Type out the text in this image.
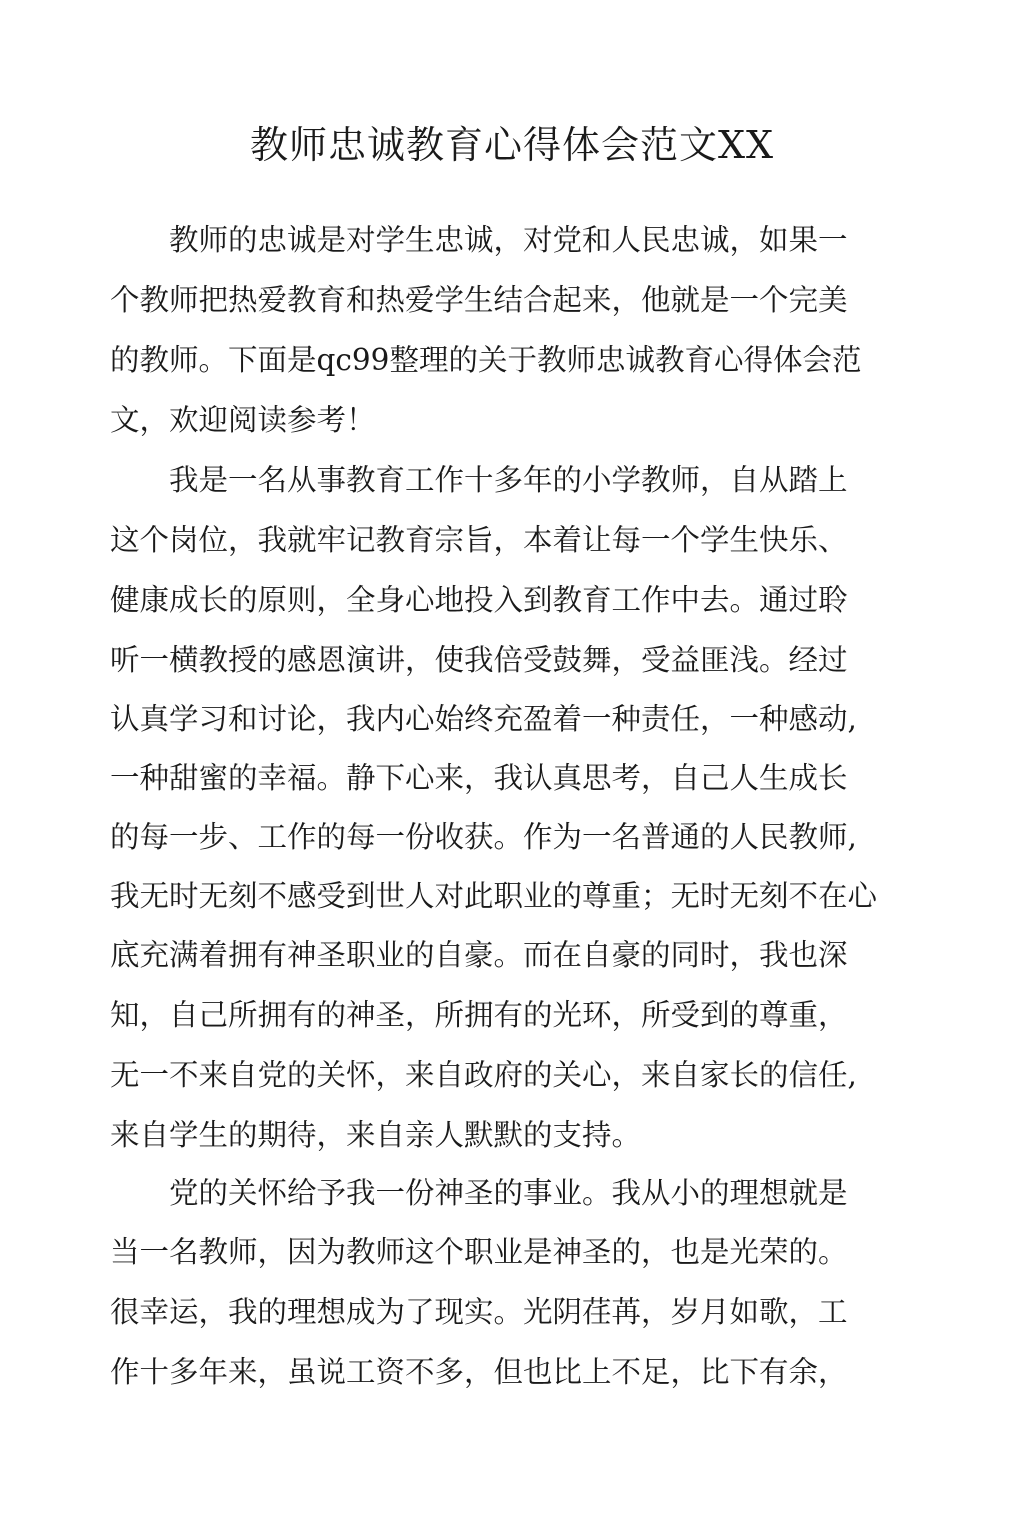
教师忠诚教育心得体会范文XX
　　教师的忠诚是对学生忠诚，对党和人民忠诚，如果一
个教师把热爱教育和热爱学生结合起来，他就是一个完美
的教师。下面是qc99整理的关于教师忠诚教育心得体会范
文，欢迎阅读参考！
　　我是一名从事教育工作十多年的小学教师，自从踏上
这个岗位，我就牢记教育宗旨，本着让每一个学生快乐、
健康成长的原则，全身心地投入到教育工作中去。通过聆
听一横教授的感恩演讲，使我倍受鼓舞，受益匪浅。经过
认真学习和讨论，我内心始终充盈着一种责任，一种感动,
一种甜蜜的幸福。静下心来，我认真思考，自己人生成长
的每一步、工作的每一份收获。作为一名普通的人民教师,
我无时无刻不感受到世人对此职业的尊重；无时无刻不在心
底充满着拥有神圣职业的自豪。而在自豪的同时，我也深
知，自己所拥有的神圣，所拥有的光环，所受到的尊重，
无一不来自党的关怀，来自政府的关心，来自家长的信任,
来自学生的期待，来自亲人默默的支持。
　　党的关怀给予我一份神圣的事业。我从小的理想就是
当一名教师，因为教师这个职业是神圣的，也是光荣的。
很幸运，我的理想成为了现实。光阴荏苒，岁月如歌，工
作十多年来，虽说工资不多，但也比上不足，比下有余，
